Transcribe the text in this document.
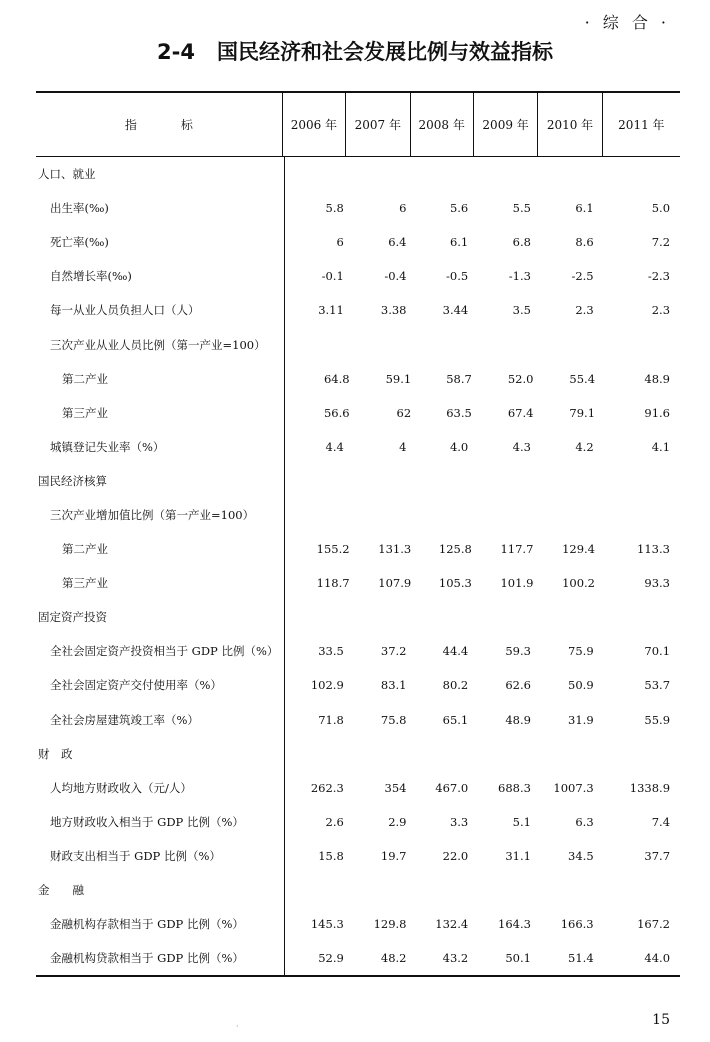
· 综 合 ·
2-4 国民经济和社会发展比例与效益指标
指	标	2006 年	2007 年	2008 年	2009 年	2010 年	2011 年
人口、就业
出生率(‰)	5.8	6	5.6	5.5	6.1	5.0
死亡率(‰)	6	6.4	6.1	6.8	8.6	7.2
自然增长率(‰)	-0.1	-0.4	-0.5	-1.3	-2.5	-2.3
每一从业人员负担人口（人）	3.11	3.38	3.44	3.5	2.3	2.3
三次产业从业人员比例（第一产业=100）
第二产业	64.8	59.1	58.7	52.0	55.4	48.9
第三产业	56.6	62	63.5	67.4	79.1	91.6
城镇登记失业率（%）	4.4	4	4.0	4.3	4.2	4.1
国民经济核算
三次产业增加值比例（第一产业=100）
第二产业	155.2	131.3	125.8	117.7	129.4	113.3
第三产业	118.7	107.9	105.3	101.9	100.2	93.3
固定资产投资
全社会固定资产投资相当于 GDP 比例（%）	33.5	37.2	44.4	59.3	75.9	70.1
全社会固定资产交付使用率（%）	102.9	83.1	80.2	62.6	50.9	53.7
全社会房屋建筑竣工率（%）	71.8	75.8	65.1	48.9	31.9	55.9
财　政
人均地方财政收入（元/人）	262.3	354	467.0	688.3	1007.3	1338.9
地方财政收入相当于 GDP 比例（%）	2.6	2.9	3.3	5.1	6.3	7.4
财政支出相当于 GDP 比例（%）	15.8	19.7	22.0	31.1	34.5	37.7
金　　融
金融机构存款相当于 GDP 比例（%）	145.3	129.8	132.4	164.3	166.3	167.2
金融机构贷款相当于 GDP 比例（%）	52.9	48.2	43.2	50.1	51.4	44.0
·	15
